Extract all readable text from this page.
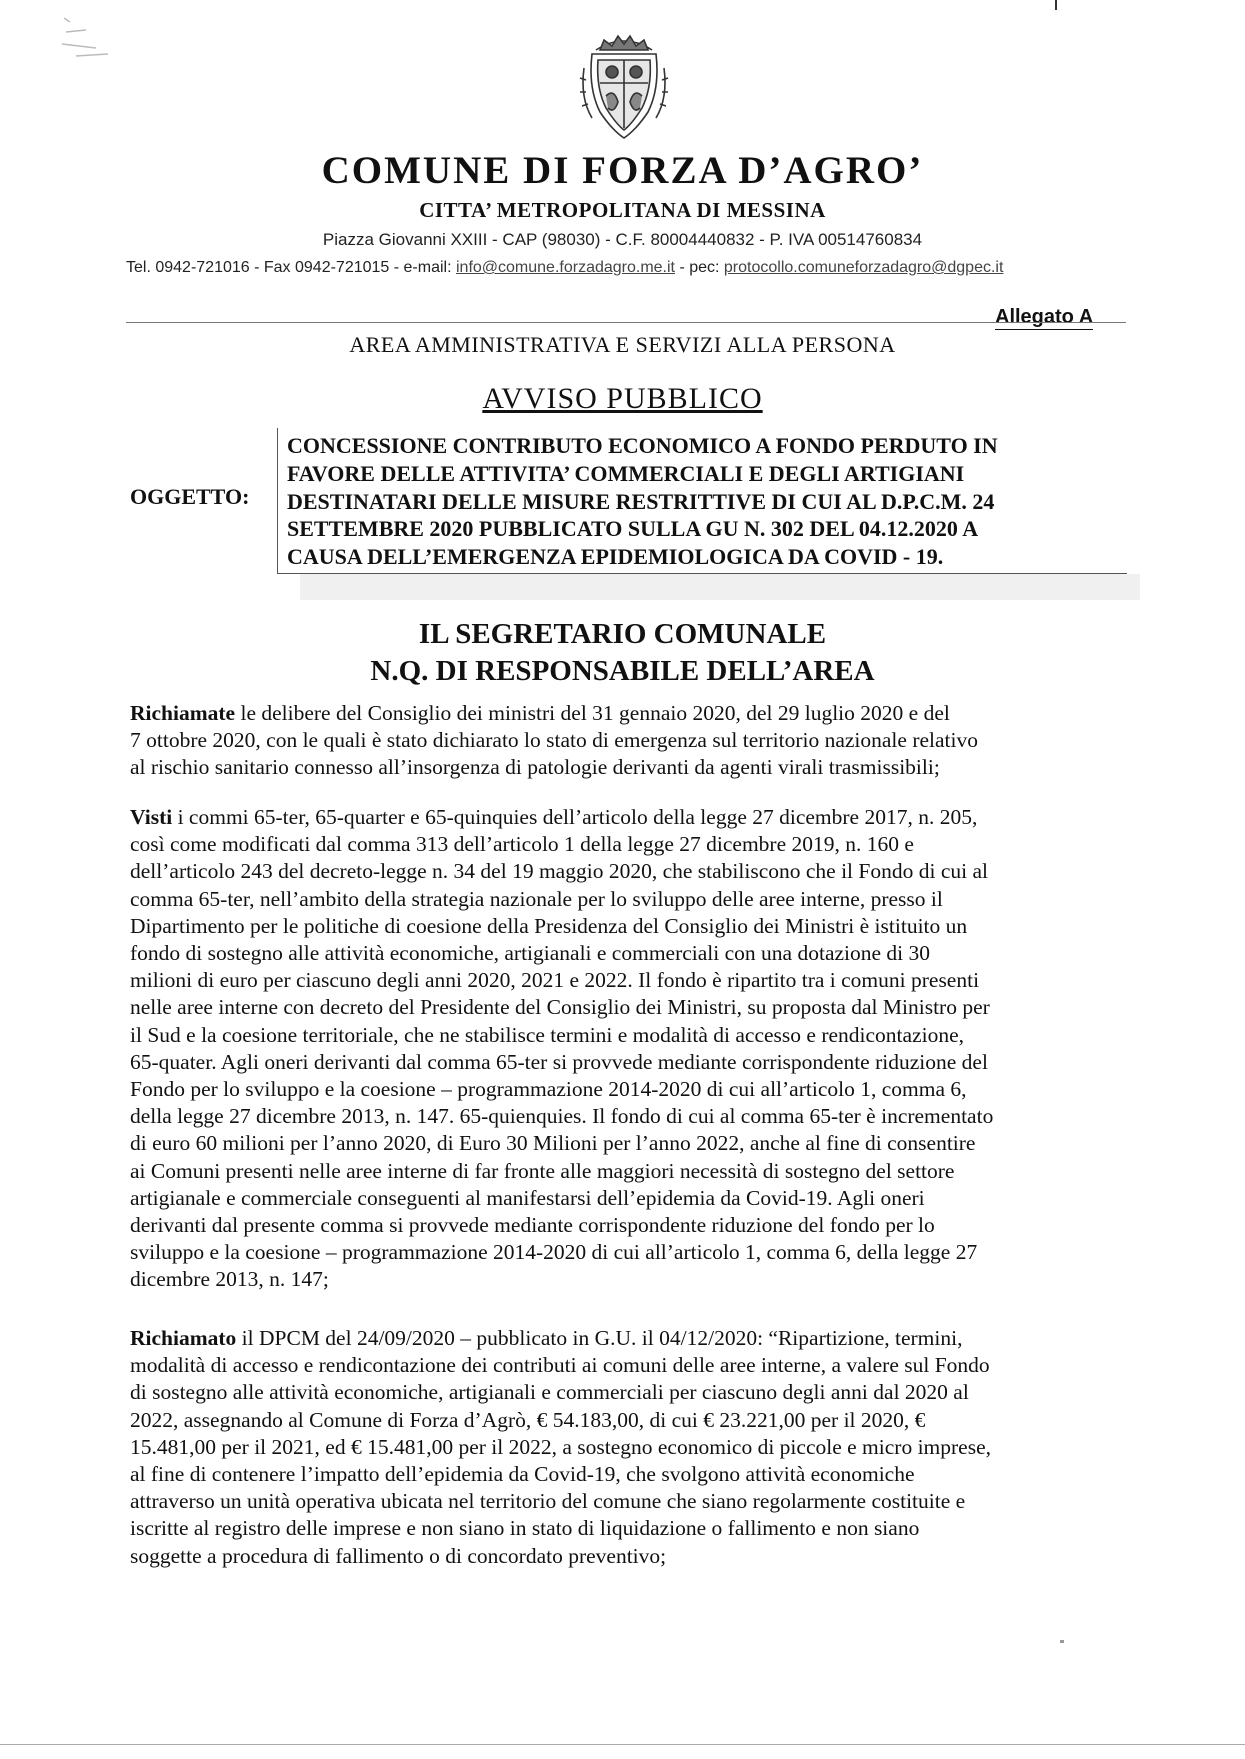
COMUNE DI FORZA D’AGRO’
CITTA’ METROPOLITANA DI MESSINA
Piazza Giovanni XXIII - CAP (98030) - C.F. 80004440832 - P. IVA 00514760834
Tel. 0942-721016 - Fax 0942-721015 - e-mail: info@comune.forzadagro.me.it - pec: protocollo.comuneforzadagro@dgpec.it
Allegato A
AREA AMMINISTRATIVA E SERVIZI ALLA PERSONA
AVVISO PUBBLICO
OGGETTO:
CONCESSIONE CONTRIBUTO ECONOMICO A FONDO PERDUTO IN
FAVORE DELLE ATTIVITA’ COMMERCIALI E DEGLI ARTIGIANI
DESTINATARI DELLE MISURE RESTRITTIVE DI CUI AL D.P.C.M. 24
SETTEMBRE 2020 PUBBLICATO SULLA GU N. 302 DEL 04.12.2020 A
CAUSA DELL’EMERGENZA EPIDEMIOLOGICA DA COVID - 19.
IL SEGRETARIO COMUNALE
N.Q. DI RESPONSABILE DELL’AREA
Richiamate le delibere del Consiglio dei ministri del 31 gennaio 2020, del 29 luglio 2020 e del
7 ottobre 2020, con le quali è stato dichiarato lo stato di emergenza sul territorio nazionale relativo
al rischio sanitario connesso all’insorgenza di patologie derivanti da agenti virali trasmissibili;
Visti i commi 65-ter, 65-quarter e 65-quinquies dell’articolo della legge 27 dicembre 2017, n. 205,
così come modificati dal comma 313 dell’articolo 1 della legge 27 dicembre 2019, n. 160 e
dell’articolo 243 del decreto-legge n. 34 del 19 maggio 2020, che stabiliscono che il Fondo di cui al
comma 65-ter, nell’ambito della strategia nazionale per lo sviluppo delle aree interne, presso il
Dipartimento per le politiche di coesione della Presidenza del Consiglio dei Ministri è istituito un
fondo di sostegno alle attività economiche, artigianali e commerciali con una dotazione di 30
milioni di euro per ciascuno degli anni 2020, 2021 e 2022. Il fondo è ripartito tra i comuni presenti
nelle aree interne con decreto del Presidente del Consiglio dei Ministri, su proposta dal Ministro per
il Sud e la coesione territoriale, che ne stabilisce termini e modalità di accesso e rendicontazione,
65-quater. Agli oneri derivanti dal comma 65-ter si provvede mediante corrispondente riduzione del
Fondo per lo sviluppo e la coesione – programmazione 2014-2020 di cui all’articolo 1, comma 6,
della legge 27 dicembre 2013, n. 147. 65-quienquies. Il fondo di cui al comma 65-ter è incrementato
di euro 60 milioni per l’anno 2020, di Euro 30 Milioni per l’anno 2022, anche al fine di consentire
ai Comuni presenti nelle aree interne di far fronte alle maggiori necessità di sostegno del settore
artigianale e commerciale conseguenti al manifestarsi dell’epidemia da Covid-19. Agli oneri
derivanti dal presente comma si provvede mediante corrispondente riduzione del fondo per lo
sviluppo e la coesione – programmazione 2014-2020 di cui all’articolo 1, comma 6, della legge 27
dicembre 2013, n. 147;
Richiamato il DPCM del 24/09/2020 – pubblicato in G.U. il 04/12/2020: “Ripartizione, termini,
modalità di accesso e rendicontazione dei contributi ai comuni delle aree interne, a valere sul Fondo
di sostegno alle attività economiche, artigianali e commerciali per ciascuno degli anni dal 2020 al
2022, assegnando al Comune di Forza d’Agrò, € 54.183,00, di cui € 23.221,00 per il 2020, €
15.481,00 per il 2021, ed € 15.481,00 per il 2022, a sostegno economico di piccole e micro imprese,
al fine di contenere l’impatto dell’epidemia da Covid-19, che svolgono attività economiche
attraverso un unità operativa ubicata nel territorio del comune che siano regolarmente costituite e
iscritte al registro delle imprese e non siano in stato di liquidazione o fallimento e non siano
soggette a procedura di fallimento o di concordato preventivo;
